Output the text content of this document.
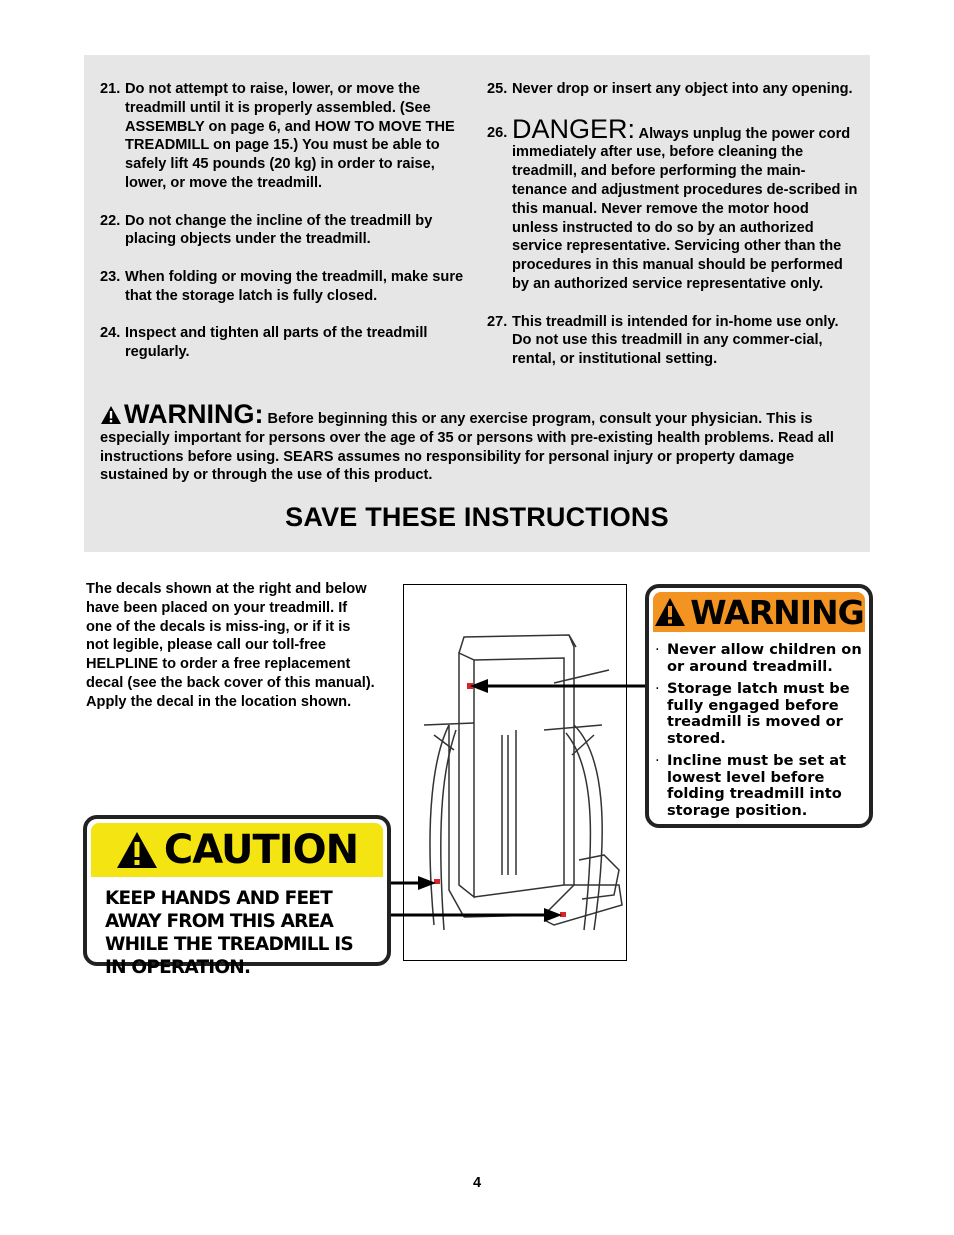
21. Do not attempt to raise, lower, or move the treadmill until it is properly assembled. (See ASSEMBLY on page 6, and HOW TO MOVE THE TREADMILL on page 15.) You must be able to safely lift 45 pounds (20 kg) in order to raise, lower, or move the treadmill.
22. Do not change the incline of the treadmill by placing objects under the treadmill.
23. When folding or moving the treadmill, make sure that the storage latch is fully closed.
24. Inspect and tighten all parts of the treadmill regularly.
25. Never drop or insert any object into any opening.
26. DANGER: Always unplug the power cord immediately after use, before cleaning the treadmill, and before performing the main-tenance and adjustment procedures de-scribed in this manual. Never remove the motor hood unless instructed to do so by an authorized service representative. Servicing other than the procedures in this manual should be performed by an authorized service representative only.
27. This treadmill is intended for in-home use only. Do not use this treadmill in any commer-cial, rental, or institutional setting.
WARNING: Before beginning this or any exercise program, consult your physician. This is especially important for persons over the age of 35 or persons with pre-existing health problems. Read all instructions before using. SEARS assumes no responsibility for personal injury or property damage sustained by or through the use of this product.
SAVE THESE INSTRUCTIONS
The decals shown at the right and below have been placed on your treadmill. If one of the decals is miss-ing, or if it is not legible, please call our toll-free HELPLINE to order a free replacement decal (see the back cover of this manual). Apply the decal in the location shown.
CAUTION
KEEP HANDS AND FEET AWAY FROM THIS AREA WHILE THE TREADMILL IS IN OPERATION.
WARNING
· Never allow children on or around treadmill.
· Storage latch must be fully engaged before treadmill is moved or stored.
· Incline must be set at lowest level before folding treadmill into storage position.
4
